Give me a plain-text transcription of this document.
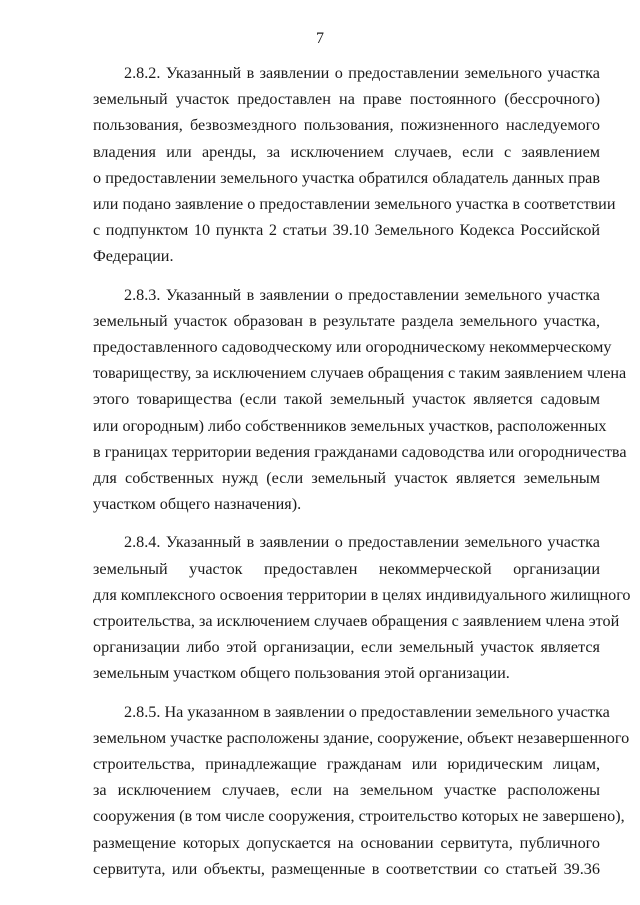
7
2.8.2. Указанный в заявлении о предоставлении земельного участка
земельный участок предоставлен на праве постоянного (бессрочного)
пользования, безвозмездного пользования, пожизненного наследуемого
владения или аренды, за исключением случаев, если с заявлением
о предоставлении земельного участка обратился обладатель данных прав
или подано заявление о предоставлении земельного участка в соответствии
с подпунктом 10 пункта 2 статьи 39.10 Земельного Кодекса Российской
Федерации.
2.8.3. Указанный в заявлении о предоставлении земельного участка
земельный участок образован в результате раздела земельного участка,
предоставленного садоводческому или огородническому некоммерческому
товариществу, за исключением случаев обращения с таким заявлением члена
этого товарищества (если такой земельный участок является садовым
или огородным) либо собственников земельных участков, расположенных
в границах территории ведения гражданами садоводства или огородничества
для собственных нужд (если земельный участок является земельным
участком общего назначения).
2.8.4. Указанный в заявлении о предоставлении земельного участка
земельный участок предоставлен некоммерческой организации
для комплексного освоения территории в целях индивидуального жилищного
строительства, за исключением случаев обращения с заявлением члена этой
организации либо этой организации, если земельный участок является
земельным участком общего пользования этой организации.
2.8.5. На указанном в заявлении о предоставлении земельного участка
земельном участке расположены здание, сооружение, объект незавершенного
строительства, принадлежащие гражданам или юридическим лицам,
за исключением случаев, если на земельном участке расположены
сооружения (в том числе сооружения, строительство которых не завершено),
размещение которых допускается на основании сервитута, публичного
сервитута, или объекты, размещенные в соответствии со статьей 39.36
